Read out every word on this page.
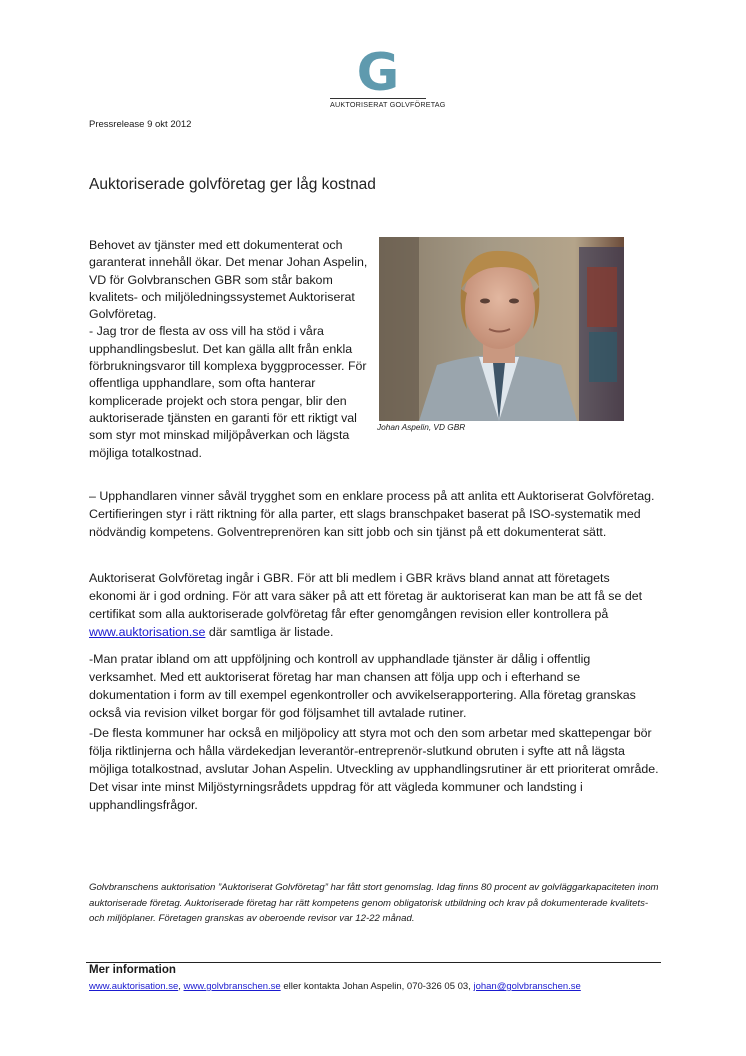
G
AUKTORISERAT GOLVFÖRETAG
Pressrelease 9 okt 2012
Auktoriserade golvföretag ger låg kostnad

Behovet av tjänster med ett dokumenterat och garanterat innehåll ökar. Det menar Johan Aspelin, VD för Golvbranschen GBR som står bakom kvalitets- och miljöledningssystemet Auktoriserat Golvföretag.

- Jag tror de flesta av oss vill ha stöd i våra upphandlingsbeslut. Det kan gälla allt från enkla förbrukningsvaror till komplexa byggprocesser. För offentliga upphandlare, som ofta hanterar komplicerade projekt och stora pengar, blir den auktoriserade tjänsten en garanti för ett riktigt val som styr mot minskad miljöpåverkan och lägsta möjliga totalkostnad.

Johan Aspelin, VD GBR

– Upphandlaren vinner såväl trygghet som en enklare process på att anlita ett Auktoriserat Golvföretag. Certifieringen styr i rätt riktning för alla parter, ett slags branschpaket baserat på ISO-systematik med nödvändig kompetens. Golventreprenören kan sitt jobb och sin tjänst på ett dokumenterat sätt.

Auktoriserat Golvföretag ingår i GBR. För att bli medlem i GBR krävs bland annat att företagets ekonomi är i god ordning. För att vara säker på att ett företag är auktoriserat kan man be att få se det certifikat som alla auktoriserade golvföretag får efter genomgången revision eller kontrollera på www.auktorisation.se där samtliga är listade.

-Man pratar ibland om att uppföljning och kontroll av upphandlade tjänster är dålig i offentlig verksamhet. Med ett auktoriserat företag har man chansen att följa upp och i efterhand se dokumentation i form av till exempel egenkontroller och avvikelserapportering. Alla företag granskas också via revision vilket borgar för god följsamhet till avtalade rutiner.

-De flesta kommuner har också en miljöpolicy att styra mot och den som arbetar med skattepengar bör följa riktlinjerna och hålla värdekedjan leverantör-entreprenör-slutkund obruten i syfte att nå lägsta möjliga totalkostnad, avslutar Johan Aspelin. Utveckling av upphandlingsrutiner är ett prioriterat område. Det visar inte minst Miljöstyrningsrådets uppdrag för att vägleda kommuner och landsting i upphandlingsfrågor.

Golvbranschens auktorisation ”Auktoriserat Golvföretag” har fått stort genomslag. Idag finns 80 procent av golvläggarkapaciteten inom auktoriserade företag. Auktoriserade företag har rätt kompetens genom obligatorisk utbildning och krav på dokumenterade kvalitets- och miljöplaner. Företagen granskas av oberoende revisor var 12-22 månad.
Mer information
www.auktorisation.se, www.golvbranschen.se eller kontakta Johan Aspelin, 070-326 05 03, johan@golvbranschen.se
